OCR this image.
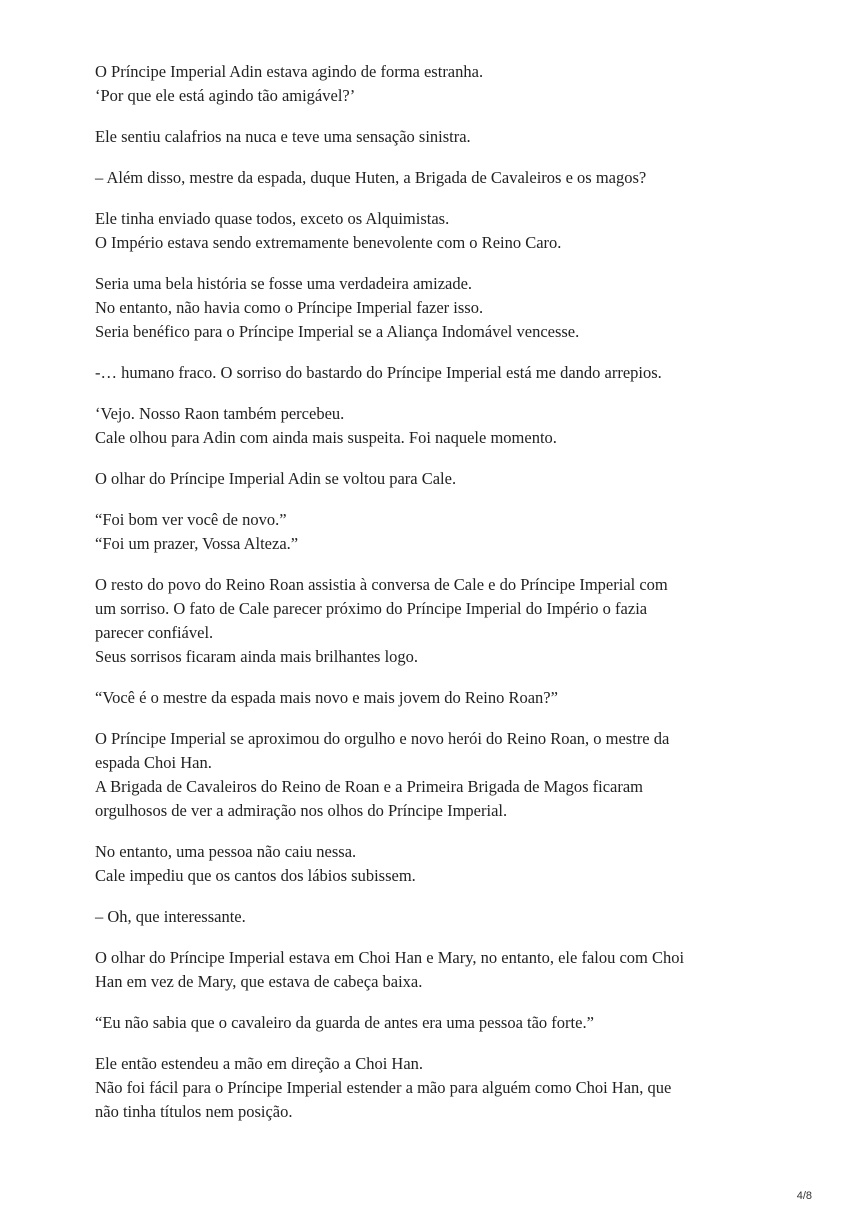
O Príncipe Imperial Adin estava agindo de forma estranha.
‘Por que ele está agindo tão amigável?’

Ele sentiu calafrios na nuca e teve uma sensação sinistra.

– Além disso, mestre da espada, duque Huten, a Brigada de Cavaleiros e os magos?

Ele tinha enviado quase todos, exceto os Alquimistas.
O Império estava sendo extremamente benevolente com o Reino Caro.

Seria uma bela história se fosse uma verdadeira amizade.
No entanto, não havia como o Príncipe Imperial fazer isso.
Seria benéfico para o Príncipe Imperial se a Aliança Indomável vencesse.

-… humano fraco. O sorriso do bastardo do Príncipe Imperial está me dando arrepios.

‘Vejo. Nosso Raon também percebeu.
Cale olhou para Adin com ainda mais suspeita. Foi naquele momento.

O olhar do Príncipe Imperial Adin se voltou para Cale.

“Foi bom ver você de novo.”
“Foi um prazer, Vossa Alteza.”

O resto do povo do Reino Roan assistia à conversa de Cale e do Príncipe Imperial com
um sorriso. O fato de Cale parecer próximo do Príncipe Imperial do Império o fazia
parecer confiável.
Seus sorrisos ficaram ainda mais brilhantes logo.

“Você é o mestre da espada mais novo e mais jovem do Reino Roan?”

O Príncipe Imperial se aproximou do orgulho e novo herói do Reino Roan, o mestre da
espada Choi Han.
A Brigada de Cavaleiros do Reino de Roan e a Primeira Brigada de Magos ficaram
orgulhosos de ver a admiração nos olhos do Príncipe Imperial.

No entanto, uma pessoa não caiu nessa.
Cale impediu que os cantos dos lábios subissem.

– Oh, que interessante.

O olhar do Príncipe Imperial estava em Choi Han e Mary, no entanto, ele falou com Choi
Han em vez de Mary, que estava de cabeça baixa.

“Eu não sabia que o cavaleiro da guarda de antes era uma pessoa tão forte.”

Ele então estendeu a mão em direção a Choi Han.
Não foi fácil para o Príncipe Imperial estender a mão para alguém como Choi Han, que
não tinha títulos nem posição.

4/8
